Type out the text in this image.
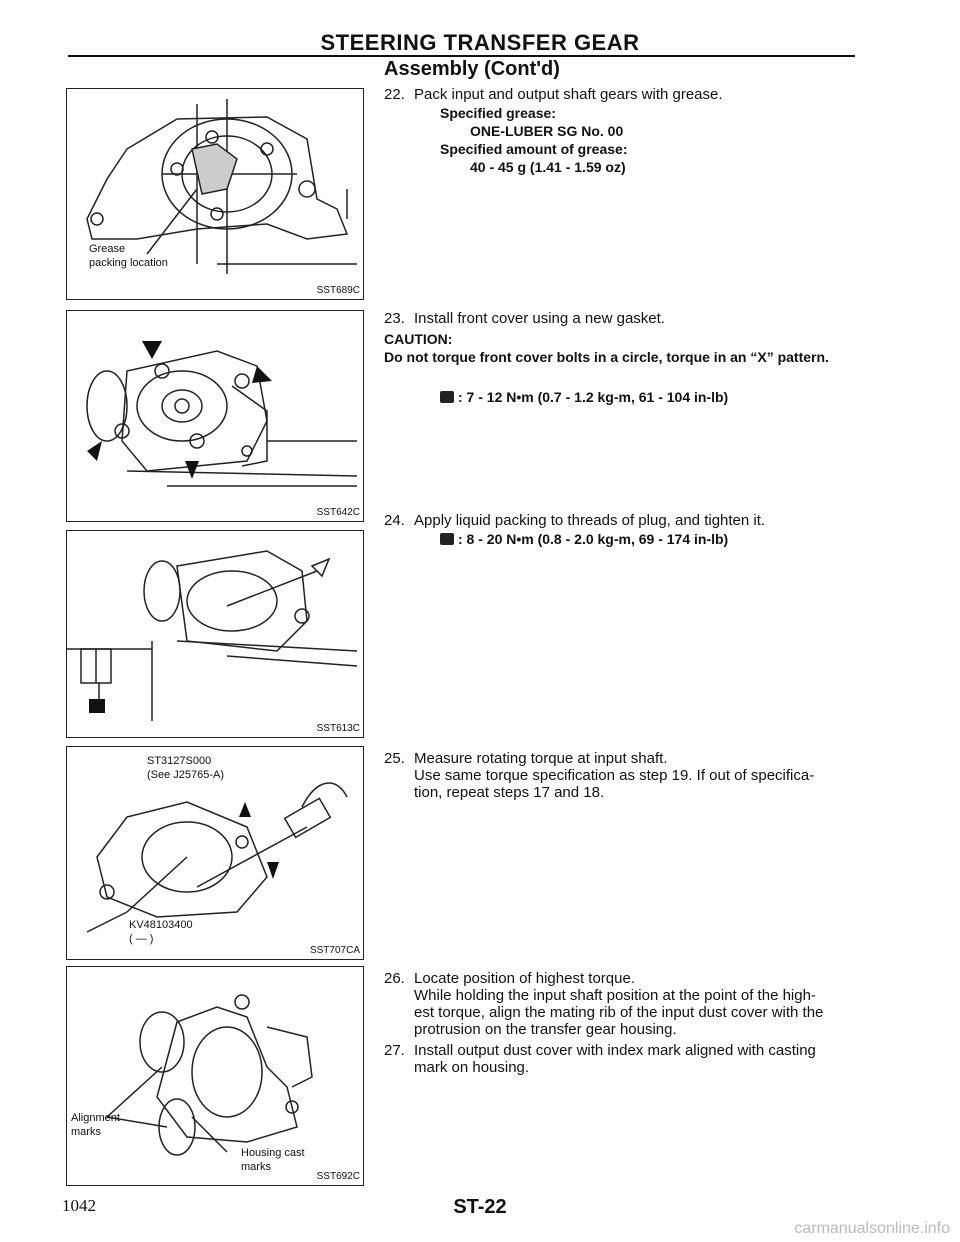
STEERING TRANSFER GEAR
Assembly (Cont'd)
Grease
packing location
SST689C
SST642C
SST613C
ST3127S000
(See J25765-A)
KV48103400
( — )
SST707CA
Alignment
marks
Housing cast
marks
SST692C
22. Pack input and output shaft gears with grease.
Specified grease:
ONE-LUBER SG No. 00
Specified amount of grease:
40 - 45 g (1.41 - 1.59 oz)
23. Install front cover using a new gasket.
CAUTION:
Do not torque front cover bolts in a circle, torque in an “X” pattern.
: 7 - 12 N•m (0.7 - 1.2 kg-m, 61 - 104 in-lb)
24. Apply liquid packing to threads of plug, and tighten it.
: 8 - 20 N•m (0.8 - 2.0 kg-m, 69 - 174 in-lb)
25. Measure rotating torque at input shaft.
Use same torque specification as step 19. If out of specifica-
tion, repeat steps 17 and 18.
26. Locate position of highest torque.
While holding the input shaft position at the point of the high-
est torque, align the mating rib of the input dust cover with the
protrusion on the transfer gear housing.
27. Install output dust cover with index mark aligned with casting
mark on housing.
1042	ST-22
carmanualsonline.info
